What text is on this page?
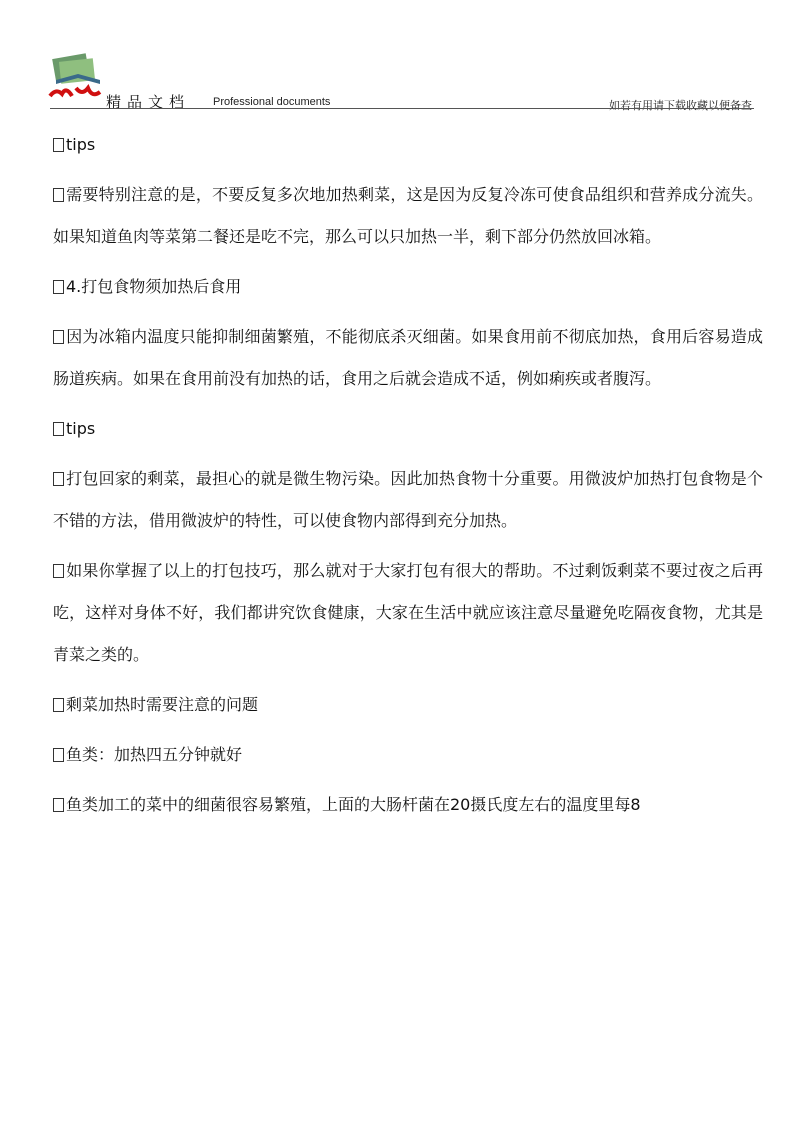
精品文档 Professional documents	如若有用请下载收藏以便备查

tips

需要特别注意的是，不要反复多次地加热剩菜，这是因为反复冷冻可使食品组织和营养成分流失。如果知道鱼肉等菜第二餐还是吃不完，那么可以只加热一半，剩下部分仍然放回冰箱。

4.打包食物须加热后食用

因为冰箱内温度只能抑制细菌繁殖，不能彻底杀灭细菌。如果食用前不彻底加热，食用后容易造成肠道疾病。如果在食用前没有加热的话，食用之后就会造成不适，例如痢疾或者腹泻。

tips

打包回家的剩菜，最担心的就是微生物污染。因此加热食物十分重要。用微波炉加热打包食物是个不错的方法，借用微波炉的特性，可以使食物内部得到充分加热。

如果你掌握了以上的打包技巧，那么就对于大家打包有很大的帮助。不过剩饭剩菜不要过夜之后再吃，这样对身体不好，我们都讲究饮食健康，大家在生活中就应该注意尽量避免吃隔夜食物，尤其是青菜之类的。

剩菜加热时需要注意的问题

鱼类：加热四五分钟就好

鱼类加工的菜中的细菌很容易繁殖，上面的大肠杆菌在20摄氏度左右的温度里每8
